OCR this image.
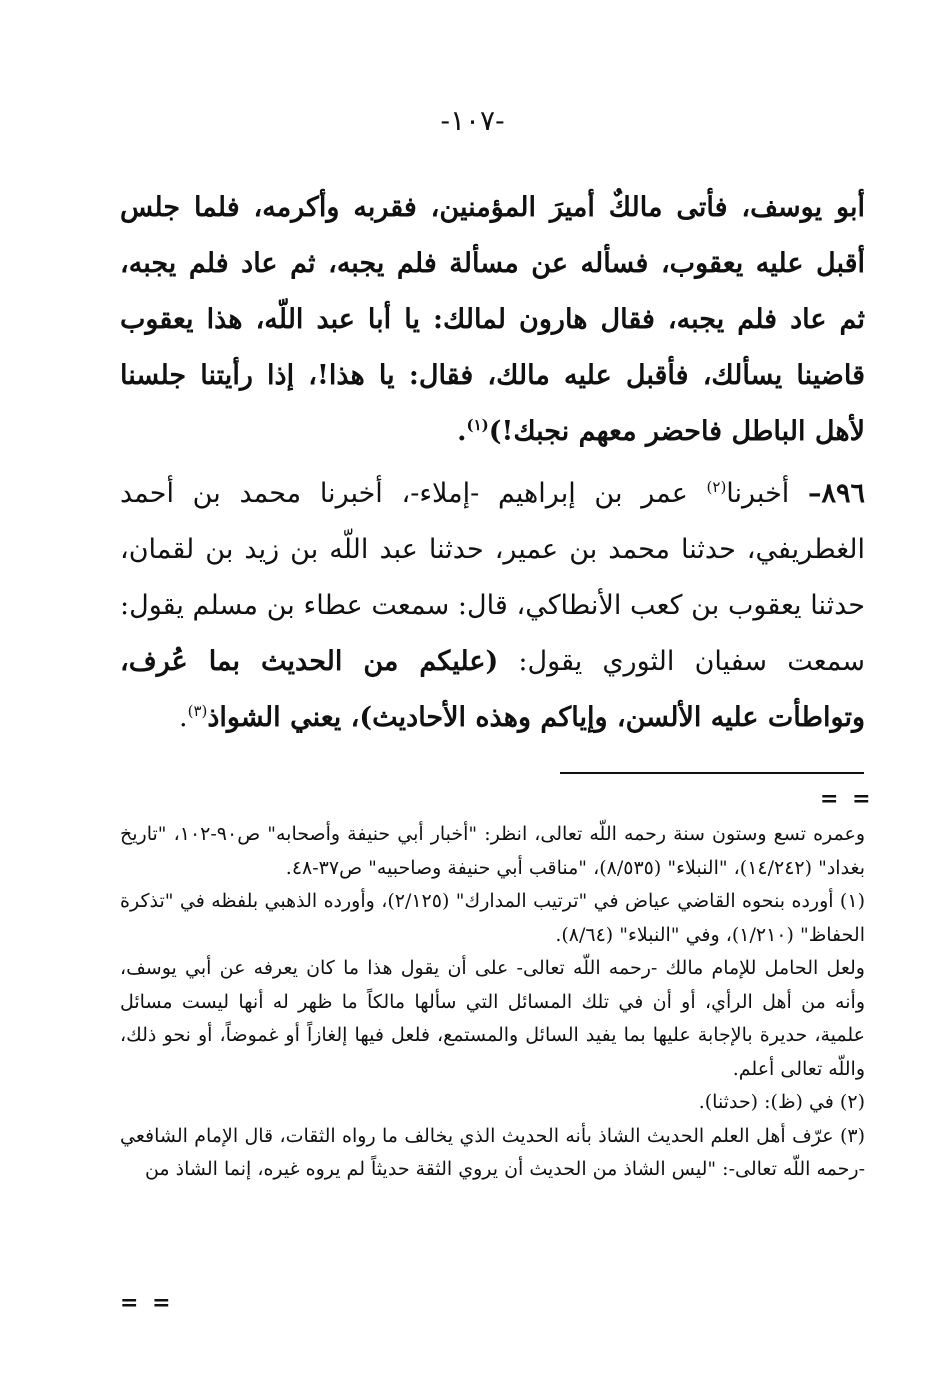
-١٠٧-

أبو يوسف، فأتى مالكٌ أميرَ المؤمنين، فقربه وأكرمه، فلما جلس أقبل عليه يعقوب، فسأله عن مسألة فلم يجبه، ثم عاد فلم يجبه، ثم عاد فلم يجبه، فقال هارون لمالك: يا أبا عبد اللّه، هذا يعقوب قاضينا يسألك، فأقبل عليه مالك، فقال: يا هذا!، إذا رأيتنا جلسنا لأهل الباطل فاحضر معهم نجبك!)$^{(١)}$.

٨٩٦– أخبرنا$^{(٢)}$ عمر بن إبراهيم -إملاء-، أخبرنا محمد بن أحمد الغطريفي، حدثنا محمد بن عمير، حدثنا عبد اللّه بن زيد بن لقمان، حدثنا يعقوب بن كعب الأنطاكي، قال: سمعت عطاء بن مسلم يقول: سمعت سفيان الثوري يقول: (عليكم من الحديث بما عُرف، وتواطأت عليه الألسن، وإياكم وهذه الأحاديث)، يعني الشواذ$^{(٣)}$.

= =

وعمره تسع وستون سنة رحمه اللّه تعالى، انظر: "أخبار أبي حنيفة وأصحابه" ص٩٠-١٠٢، "تاريخ بغداد" (١٤/٢٤٢)، "النبلاء" (٨/٥٣٥)، "مناقب أبي حنيفة وصاحبيه" ص٣٧-٤٨.

(١) أورده بنحوه القاضي عياض في "ترتيب المدارك" (٢/١٢٥)، وأورده الذهبي بلفظه في "تذكرة الحفاظ" (١/٢١٠)، وفي "النبلاء" (٨/٦٤).

ولعل الحامل للإمام مالك -رحمه اللّه تعالى- على أن يقول هذا ما كان يعرفه عن أبي يوسف، وأنه من أهل الرأي، أو أن في تلك المسائل التي سألها مالكاً ما ظهر له أنها ليست مسائل علمية، حديرة بالإجابة عليها بما يفيد السائل والمستمع، فلعل فيها إلغازاً أو غموضاً، أو نحو ذلك، واللّه تعالى أعلم.

(٢) في (ظ): (حدثنا).

(٣) عرّف أهل العلم الحديث الشاذ بأنه الحديث الذي يخالف ما رواه الثقات، قال الإمام الشافعي -رحمه اللّه تعالى-: "ليس الشاذ من الحديث أن يروي الثقة حديثاً لم يروه غيره، إنما الشاذ من

= =
